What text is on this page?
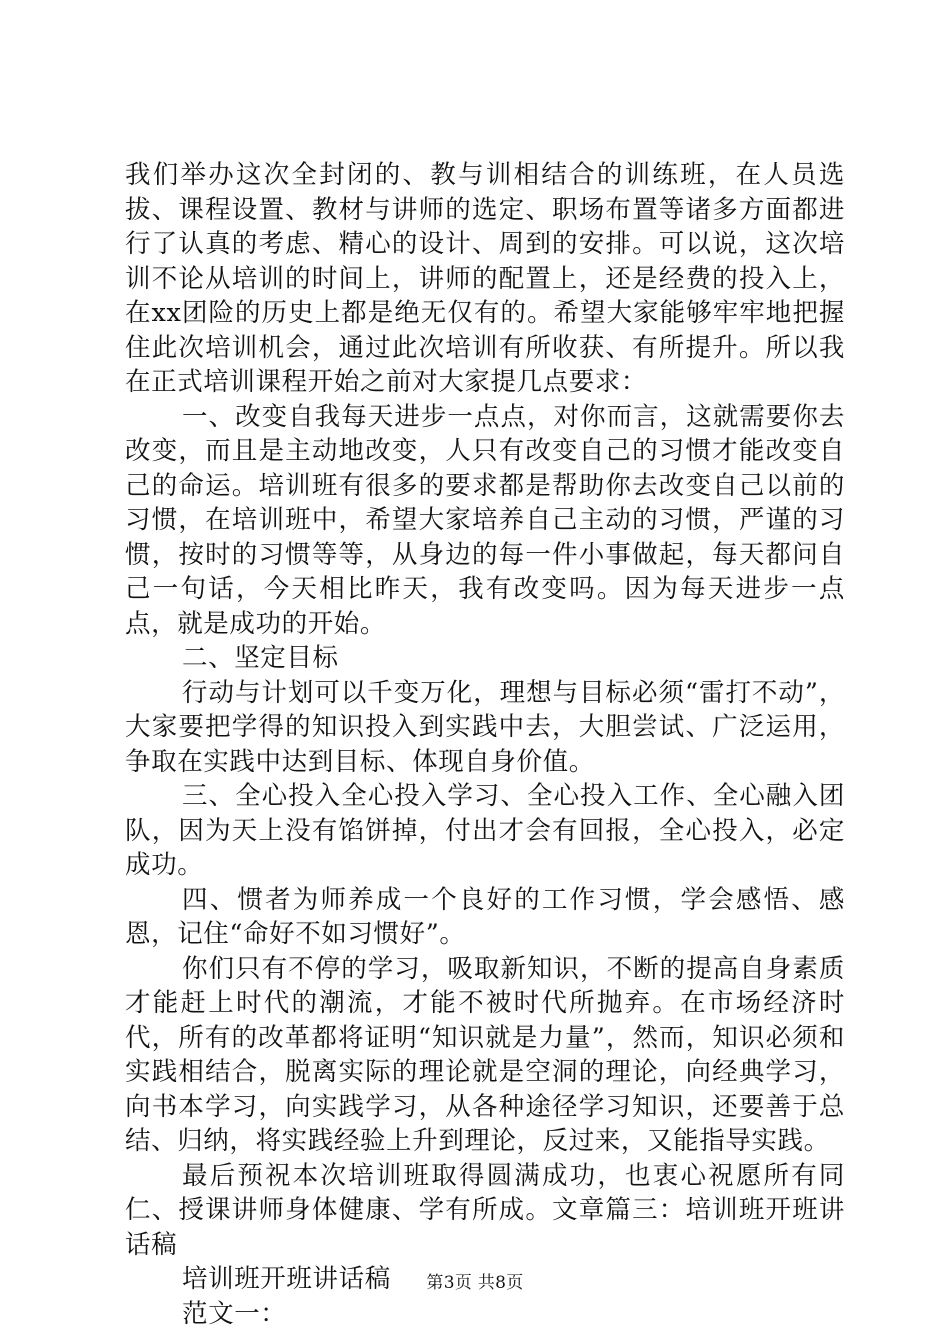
我们举办这次全封闭的、教与训相结合的训练班，在人员选拔、课程设置、教材与讲师的选定、职场布置等诸多方面都进行了认真的考虑、精心的设计、周到的安排。可以说，这次培训不论从培训的时间上，讲师的配置上，还是经费的投入上，在xx团险的历史上都是绝无仅有的。希望大家能够牢牢地把握住此次培训机会，通过此次培训有所收获、有所提升。所以我在正式培训课程开始之前对大家提几点要求：

一、改变自我每天进步一点点，对你而言，这就需要你去改变，而且是主动地改变，人只有改变自己的习惯才能改变自己的命运。培训班有很多的要求都是帮助你去改变自己以前的习惯，在培训班中，希望大家培养自己主动的习惯，严谨的习惯，按时的习惯等等，从身边的每一件小事做起，每天都问自己一句话，今天相比昨天，我有改变吗。因为每天进步一点点，就是成功的开始。

二、坚定目标

行动与计划可以千变万化，理想与目标必须“雷打不动”，大家要把学得的知识投入到实践中去，大胆尝试、广泛运用，争取在实践中达到目标、体现自身价值。

三、全心投入全心投入学习、全心投入工作、全心融入团队，因为天上没有馅饼掉，付出才会有回报，全心投入，必定成功。

四、惯者为师养成一个良好的工作习惯，学会感悟、感恩，记住“命好不如习惯好”。

你们只有不停的学习，吸取新知识，不断的提高自身素质才能赶上时代的潮流，才能不被时代所抛弃。在市场经济时代，所有的改革都将证明“知识就是力量”，然而，知识必须和实践相结合，脱离实际的理论就是空洞的理论，向经典学习，向书本学习，向实践学习，从各种途径学习知识，还要善于总结、归纳，将实践经验上升到理论，反过来，又能指导实践。

最后预祝本次培训班取得圆满成功，也衷心祝愿所有同仁、授课讲师身体健康、学有所成。文章篇三：培训班开班讲话稿

培训班开班讲话稿

范文一：

第3页 共8页
